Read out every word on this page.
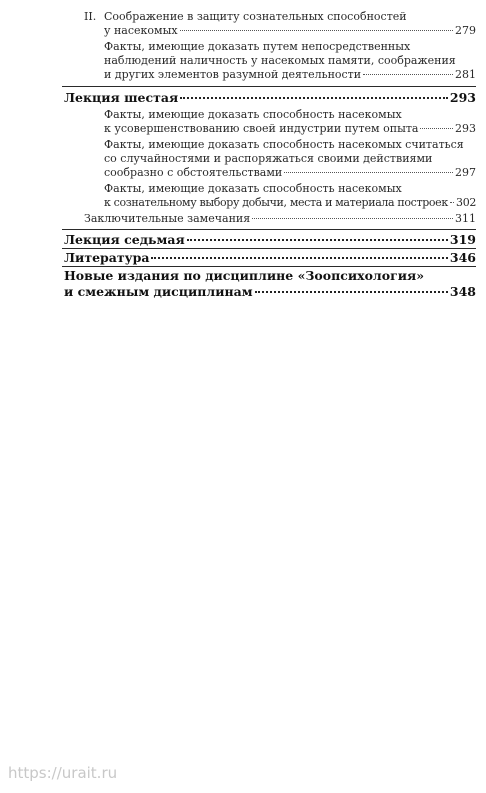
II. Соображение в защиту сознательных способностей
у насекомых	279
Факты, имеющие доказать путем непосредственных
наблюдений наличность у насекомых памяти, соображения
и других элементов разумной деятельности	281
Лекция шестая	293
Факты, имеющие доказать способность насекомых
к усовершенствованию своей индустрии путем опыта	293
Факты, имеющие доказать способность насекомых считаться
со случайностями и распоряжаться своими действиями
сообразно с обстоятельствами	297
Факты, имеющие доказать способность насекомых
к сознательному выбору добычи, места и материала построек 302
Заключительные замечания	311
Лекция седьмая	319
Литература	346
Новые издания по дисциплине «Зоопсихология»
и смежным дисциплинам	348
https://urait.ru
